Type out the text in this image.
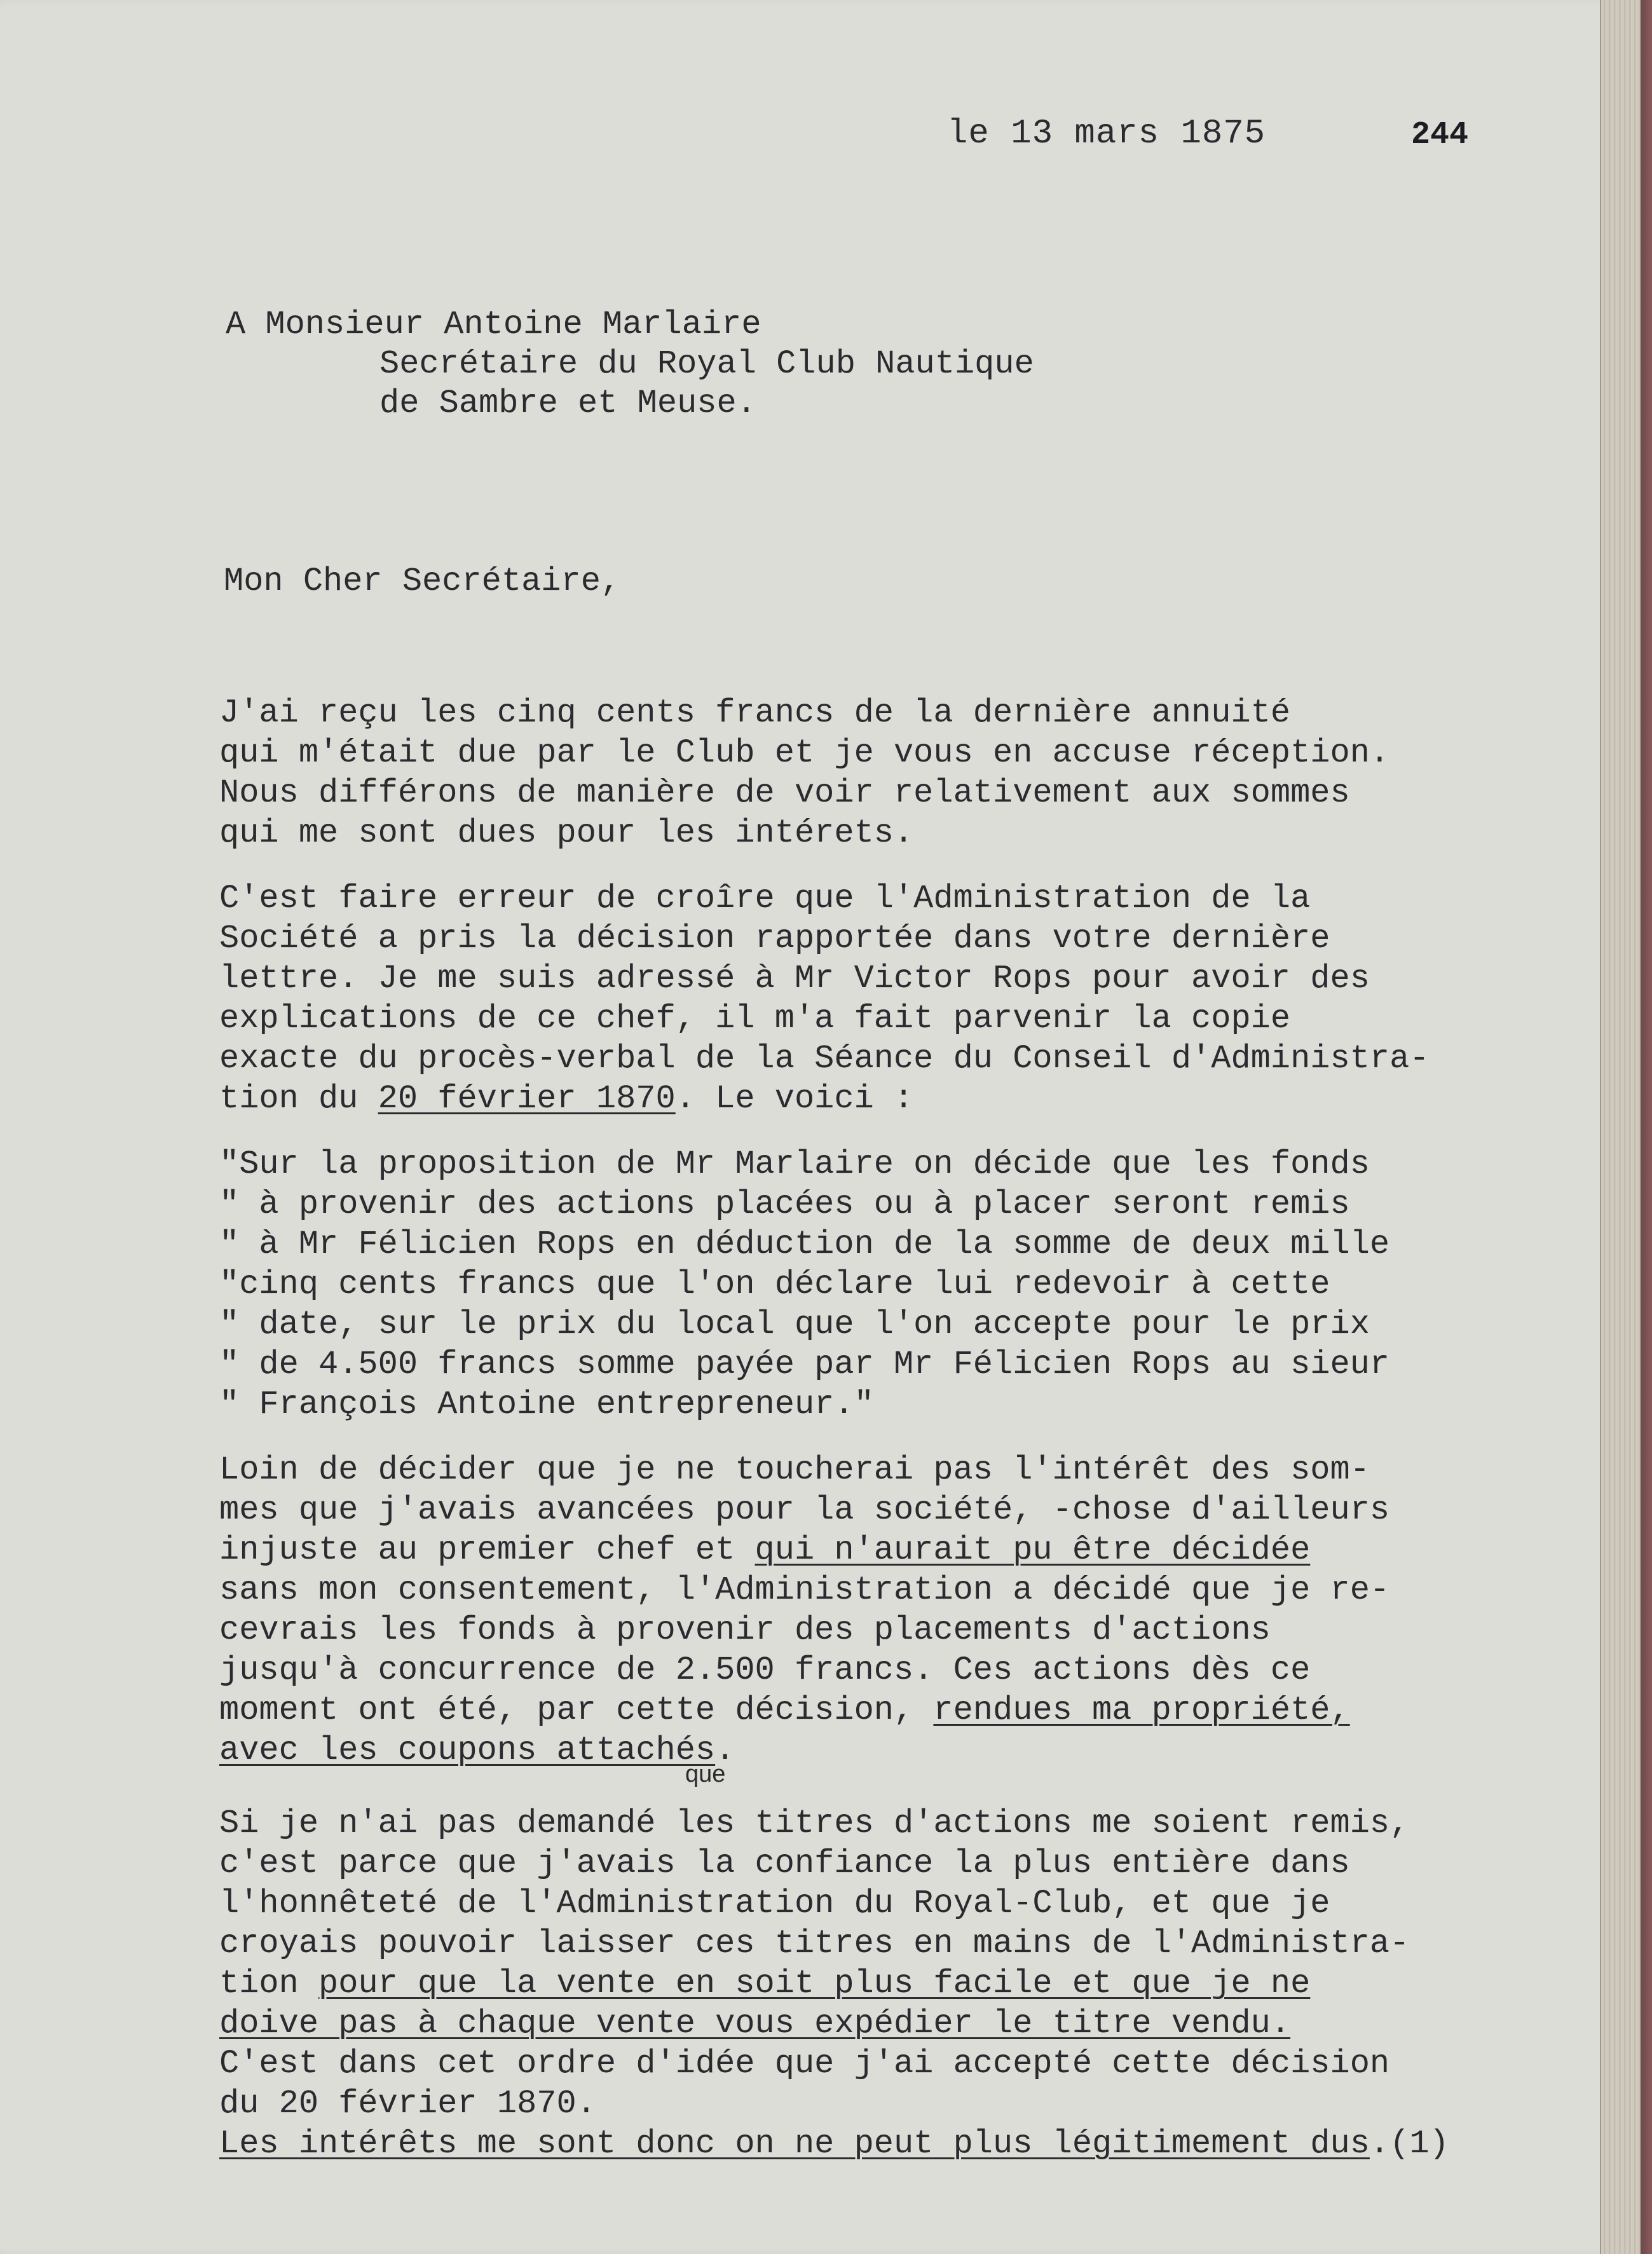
le 13 mars 1875	244
A Monsieur Antoine Marlaire
Secrétaire du Royal Club Nautique
de Sambre et Meuse.
Mon Cher Secrétaire,
J'ai reçu les cinq cents francs de la dernière annuité
qui m'était due par le Club et je vous en accuse réception.
Nous différons de manière de voir relativement aux sommes
qui me sont dues pour les intérets.
C'est faire erreur de croîre que l'Administration de la
Société a pris la décision rapportée dans votre dernière
lettre. Je me suis adressé à Mr Victor Rops pour avoir des
explications de ce chef, il m'a fait parvenir la copie
exacte du procès-verbal de la Séance du Conseil d'Administra-
tion du 20 février 1870. Le voici :
"Sur la proposition de Mr Marlaire on décide que les fonds
" à provenir des actions placées ou à placer seront remis
" à Mr Félicien Rops en déduction de la somme de deux mille
"cinq cents francs que l'on déclare lui redevoir à cette
" date, sur le prix du local que l'on accepte pour le prix
" de 4.500 francs somme payée par Mr Félicien Rops au sieur
" François Antoine entrepreneur."
Loin de décider que je ne toucherai pas l'intérêt des som-
mes que j'avais avancées pour la société, -chose d'ailleurs
injuste au premier chef et qui n'aurait pu être décidée
sans mon consentement, l'Administration a décidé que je re-
cevrais les fonds à provenir des placements d'actions
jusqu'à concurrence de 2.500 francs. Ces actions dès ce
moment ont été, par cette décision, rendues ma propriété,
avec les coupons attachés.
Si je n'ai pas demandé les titres d'actions me soient remis,
c'est parce que j'avais la confiance la plus entière dans
l'honnêteté de l'Administration du Royal-Club, et que je
croyais pouvoir laisser ces titres en mains de l'Administra-
tion pour que la vente en soit plus facile et que je ne
doive pas à chaque vente vous expédier le titre vendu.
C'est dans cet ordre d'idée que j'ai accepté cette décision
du 20 février 1870.
Les intérêts me sont donc on ne peut plus légitimement dus.(1)
que
